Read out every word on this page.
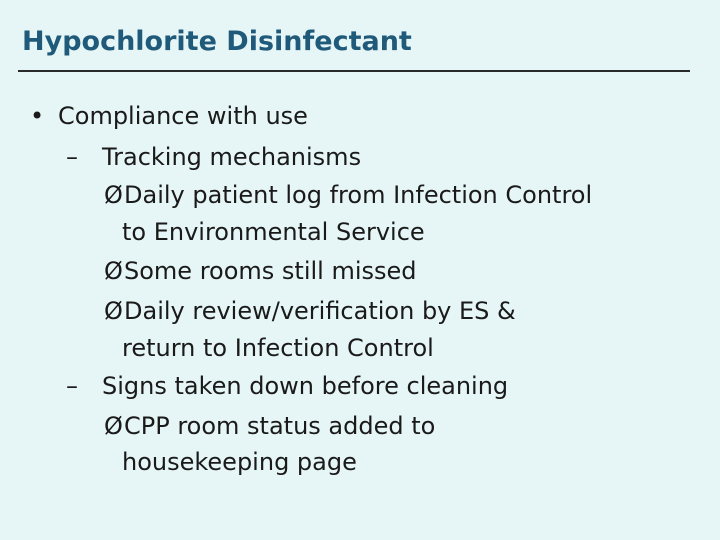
Hypochlorite Disinfectant
• Compliance with use
– Tracking mechanisms
ØDaily patient log from Infection Control
to Environmental Service
ØSome rooms still missed
ØDaily review/verification by ES &
return to Infection Control
– Signs taken down before cleaning
ØCPP room status added to
housekeeping page
